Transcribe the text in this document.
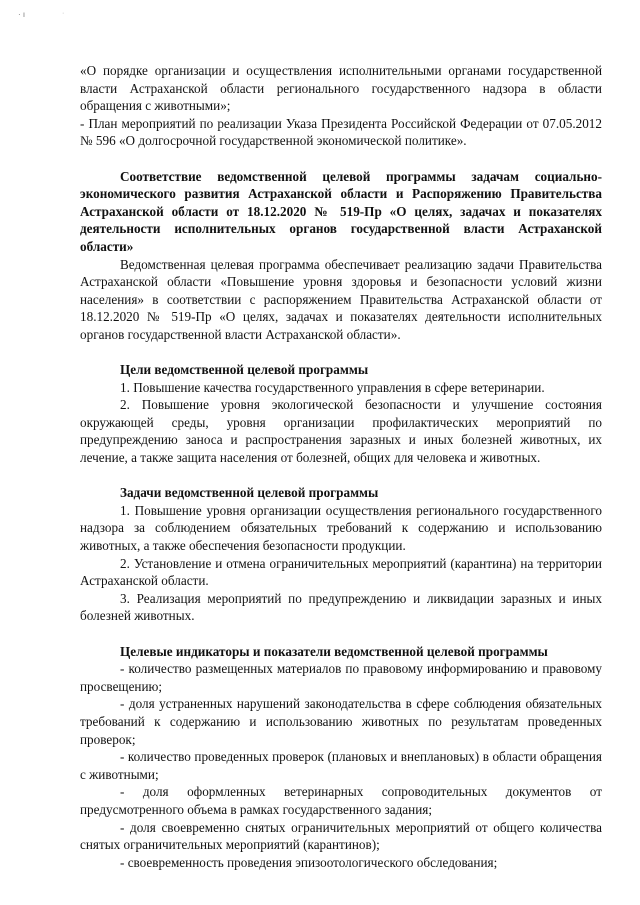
· ı	·

«О порядке организации и осуществления исполнительными органами государственной власти Астраханской области регионального государственного надзора в области обращения с животными»;

- План мероприятий по реализации Указа Президента Российской Федерации от 07.05.2012 № 596 «О долгосрочной государственной экономической политике».

Соответствие ведомственной целевой программы задачам социально-экономического развития Астраханской области и Распоряжению Правительства Астраханской области от 18.12.2020 № 519-Пр «О целях, задачах и показателях деятельности исполнительных органов государственной власти Астраханской области»

Ведомственная целевая программа обеспечивает реализацию задачи Правительства Астраханской области «Повышение уровня здоровья и безопасности условий жизни населения» в соответствии с распоряжением Правительства Астраханской области от 18.12.2020 № 519-Пр «О целях, задачах и показателях деятельности исполнительных органов государственной власти Астраханской области».

Цели ведомственной целевой программы

1. Повышение качества государственного управления в сфере ветеринарии.

2. Повышение уровня экологической безопасности и улучшение состояния окружающей среды, уровня организации профилактических мероприятий по предупреждению заноса и распространения заразных и иных болезней животных, их лечение, а также защита населения от болезней, общих для человека и животных.

Задачи ведомственной целевой программы

1. Повышение уровня организации осуществления регионального государственного надзора за соблюдением обязательных требований к содержанию и использованию животных, а также обеспечения безопасности продукции.

2. Установление и отмена ограничительных мероприятий (карантина) на территории Астраханской области.

3. Реализация мероприятий по предупреждению и ликвидации заразных и иных болезней животных.

Целевые индикаторы и показатели ведомственной целевой программы

- количество размещенных материалов по правовому информированию и правовому просвещению;

- доля устраненных нарушений законодательства в сфере соблюдения обязательных требований к содержанию и использованию животных по результатам проведенных проверок;

- количество проведенных проверок (плановых и внеплановых) в области обращения с животными;

- доля оформленных ветеринарных сопроводительных документов от предусмотренного объема в рамках государственного задания;

- доля своевременно снятых ограничительных мероприятий от общего количества снятых ограничительных мероприятий (карантинов);

- своевременность проведения эпизоотологического обследования;
